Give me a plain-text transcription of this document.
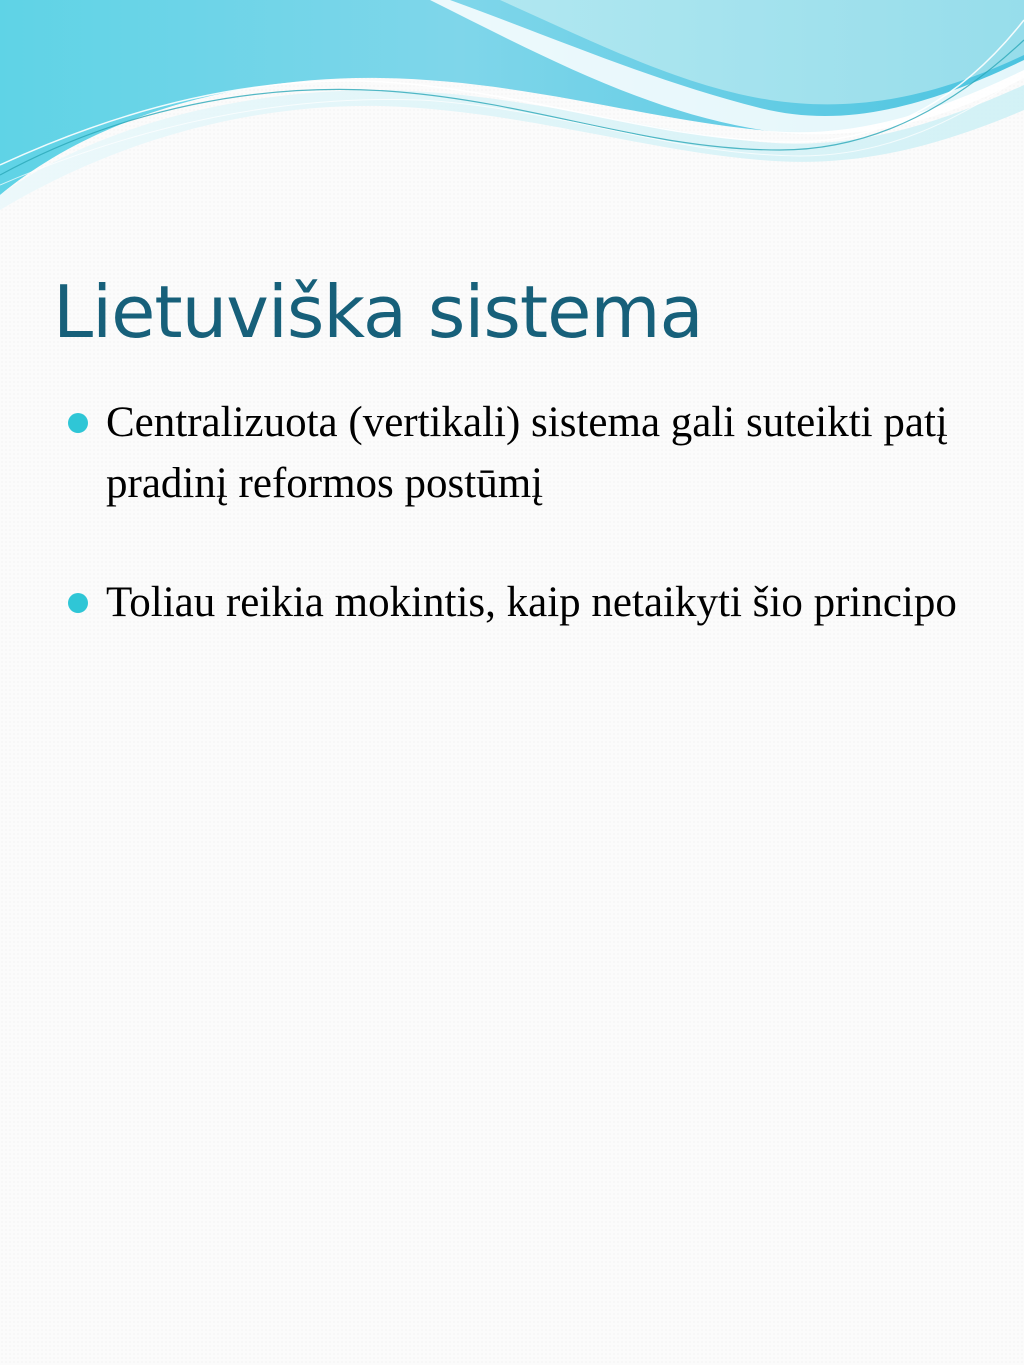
Lietuviška sistema
Centralizuota (vertikali) sistema gali suteikti patį pradinį reformos postūmį
Toliau reikia mokintis, kaip netaikyti šio principo
